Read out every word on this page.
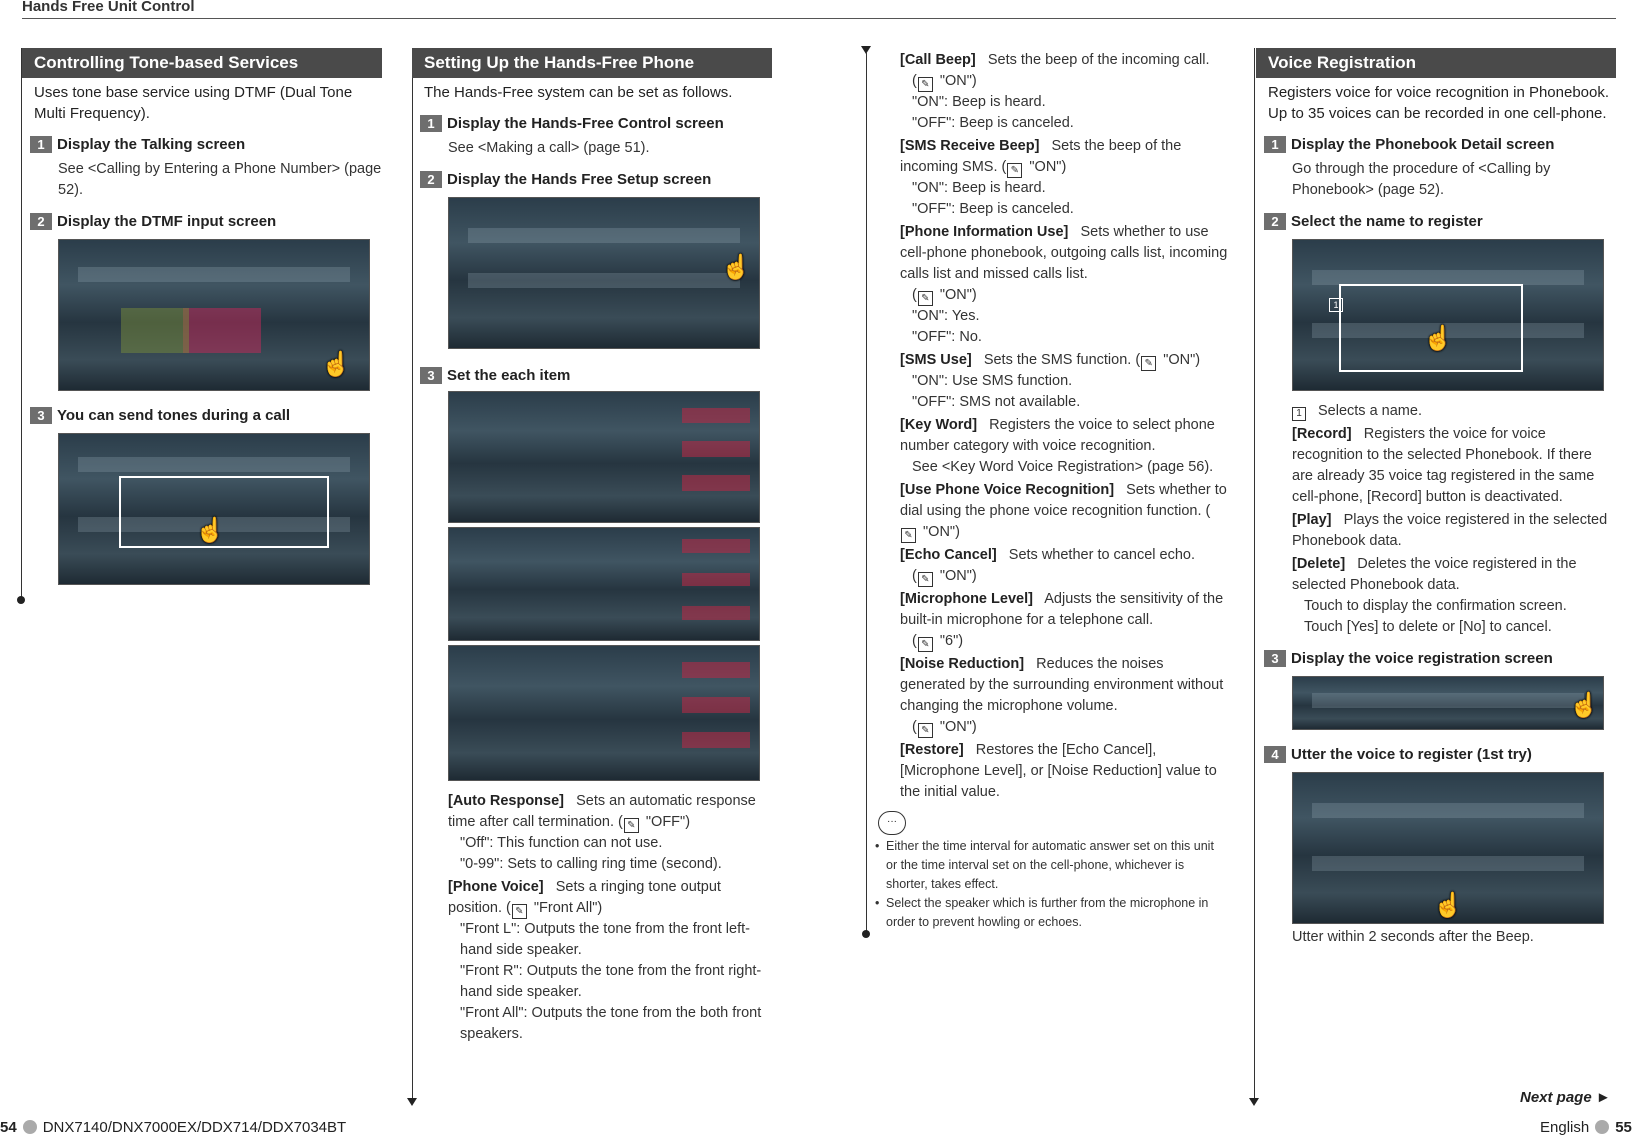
Hands Free Unit Control
Controlling Tone-based Services
Uses tone base service using DTMF (Dual Tone Multi Frequency).
1 Display the Talking screen
See <Calling by Entering a Phone Number> (page 52).
2 Display the DTMF input screen
☝
3 You can send tones during a call
☝
Setting Up the Hands-Free Phone
The Hands-Free system can be set as follows.
1 Display the Hands-Free Control screen
See <Making a call> (page 51).
2 Display the Hands Free Setup screen
☝
3 Set the each item
[Auto Response] Sets an automatic response time after call termination. ( ✎ "OFF")
"Off": This function can not use.
"0-99": Sets to calling ring time (second).
[Phone Voice] Sets a ringing tone output position. ( ✎ "Front All")
"Front L": Outputs the tone from the front left-hand side speaker.
"Front R": Outputs the tone from the front right-hand side speaker.
"Front All": Outputs the tone from the both front speakers.
[Call Beep] Sets the beep of the incoming call.
( ✎ "ON")
"ON": Beep is heard.
"OFF": Beep is canceled.
[SMS Receive Beep] Sets the beep of the incoming SMS. ( ✎ "ON")
"ON": Beep is heard.
"OFF": Beep is canceled.
[Phone Information Use] Sets whether to use cell-phone phonebook, outgoing calls list, incoming calls list and missed calls list.
( ✎ "ON")
"ON": Yes.
"OFF": No.
[SMS Use] Sets the SMS function. ( ✎ "ON")
"ON": Use SMS function.
"OFF": SMS not available.
[Key Word] Registers the voice to select phone number category with voice recognition.
See <Key Word Voice Registration> (page 56).
[Use Phone Voice Recognition] Sets whether to dial using the phone voice recognition function. (✎ "ON")
[Echo Cancel] Sets whether to cancel echo.
( ✎ "ON")
[Microphone Level] Adjusts the sensitivity of the built-in microphone for a telephone call.
( ✎ "6")
[Noise Reduction] Reduces the noises generated by the surrounding environment without changing the microphone volume.
( ✎ "ON")
[Restore] Restores the [Echo Cancel], [Microphone Level], or [Noise Reduction] value to the initial value.
···
• Either the time interval for automatic answer set on this unit or the time interval set on the cell-phone, whichever is shorter, takes effect.
• Select the speaker which is further from the microphone in order to prevent howling or echoes.
Voice Registration
Registers voice for voice recognition in Phonebook. Up to 35 voices can be recorded in one cell-phone.
1 Display the Phonebook Detail screen
Go through the procedure of <Calling by Phonebook> (page 52).
2 Select the name to register
1
☝
1 Selects a name.
[Record] Registers the voice for voice recognition to the selected Phonebook. If there are already 35 voice tag registered in the same cell-phone, [Record] button is deactivated.
[Play] Plays the voice registered in the selected Phonebook data.
[Delete] Deletes the voice registered in the selected Phonebook data.
Touch to display the confirmation screen.
Touch [Yes] to delete or [No] to cancel.
3 Display the voice registration screen
☝
4 Utter the voice to register (1st try)
☝
Utter within 2 seconds after the Beep.
Next page ►
54 DNX7140/DNX7000EX/DDX714/DDX7034BT	English 55
